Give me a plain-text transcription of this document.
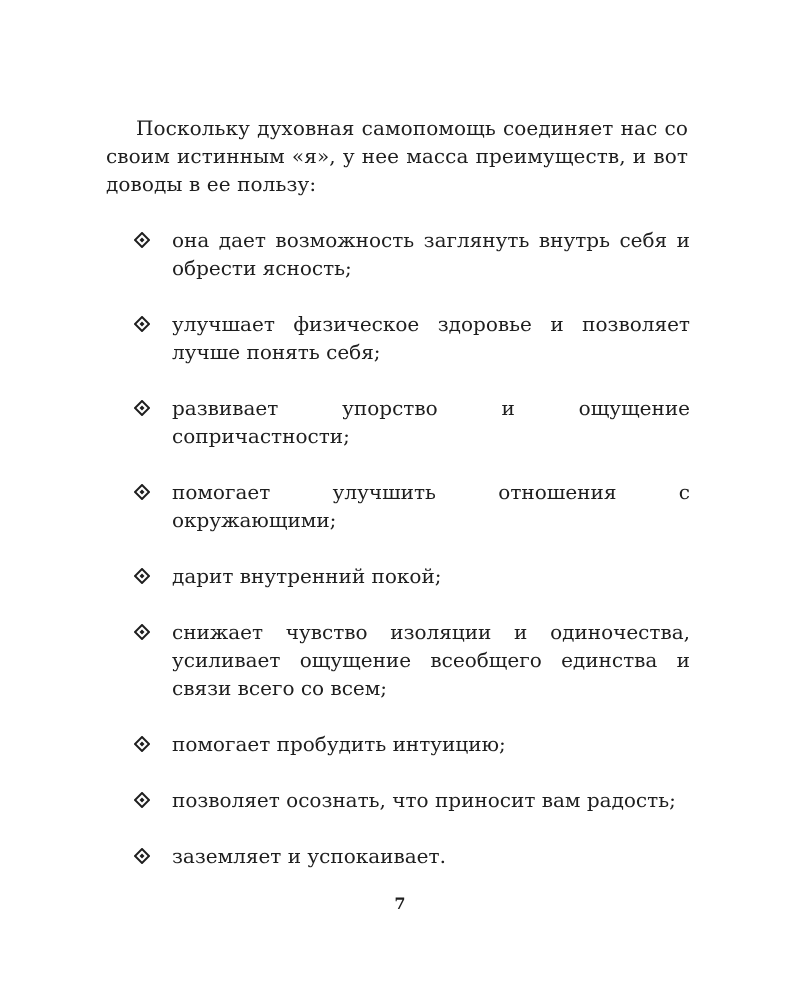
Поскольку духовная самопомощь соединяет нас со своим истинным «я», у нее масса преимуществ, и вот доводы в ее пользу:

она дает возможность заглянуть внутрь себя и обрести ясность;
улучшает физическое здоровье и позволяет лучше понять себя;
развивает упорство и ощущение сопричастности;
помогает улучшить отношения с окружающими;
дарит внутренний покой;
снижает чувство изоляции и одиночества, усиливает ощущение всеобщего единства и связи всего со всем;
помогает пробудить интуицию;
позволяет осознать, что приносит вам радость;
заземляет и успокаивает.
7
